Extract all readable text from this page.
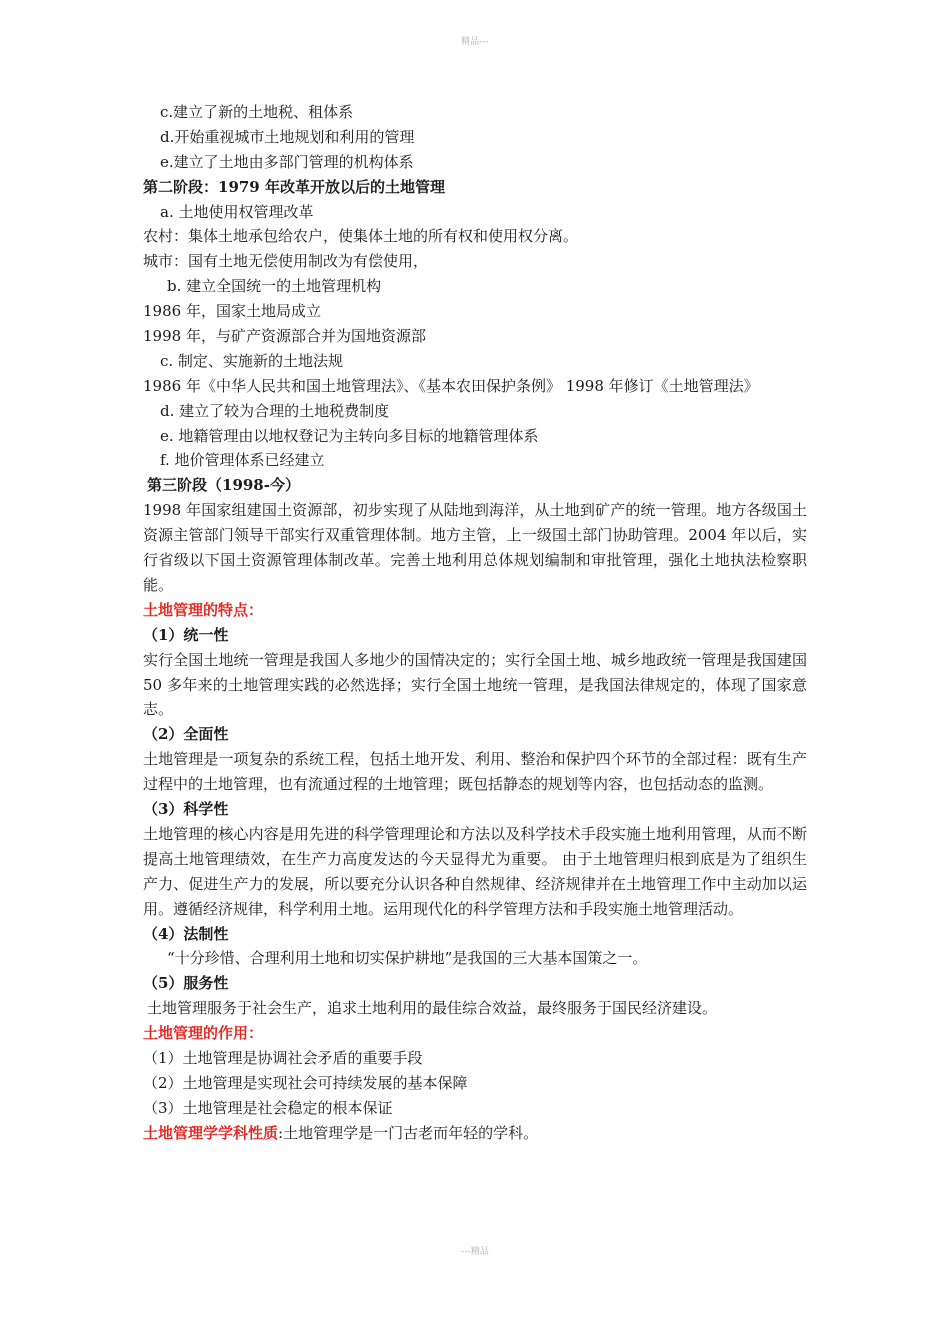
精品---
c.建立了新的土地税、租体系
d.开始重视城市土地规划和利用的管理
e.建立了土地由多部门管理的机构体系
第二阶段：1979 年改革开放以后的土地管理
a. 土地使用权管理改革
农村：集体土地承包给农户，使集体土地的所有权和使用权分离。
城市：国有土地无偿使用制改为有偿使用，
b. 建立全国统一的土地管理机构
1986 年，国家土地局成立
1998 年，与矿产资源部合并为国地资源部
c. 制定、实施新的土地法规
1986 年《中华人民共和国土地管理法》、《基本农田保护条例》 1998 年修订《土地管理法》
d. 建立了较为合理的土地税费制度
e. 地籍管理由以地权登记为主转向多目标的地籍管理体系
f. 地价管理体系已经建立
第三阶段（1998-今）
1998 年国家组建国土资源部，初步实现了从陆地到海洋，从土地到矿产的统一管理。地方各级国土资源主管部门领导干部实行双重管理体制。地方主管，上一级国土部门协助管理。2004 年以后，实行省级以下国土资源管理体制改革。完善土地利用总体规划编制和审批管理，强化土地执法检察职能。
土地管理的特点：
（1）统一性
实行全国土地统一管理是我国人多地少的国情决定的；实行全国土地、城乡地政统一管理是我国建国 50 多年来的土地管理实践的必然选择；实行全国土地统一管理，是我国法律规定的，体现了国家意志。
（2）全面性
土地管理是一项复杂的系统工程，包括土地开发、利用、整治和保护四个环节的全部过程：既有生产过程中的土地管理，也有流通过程的土地管理；既包括静态的规划等内容，也包括动态的监测。
（3）科学性
土地管理的核心内容是用先进的科学管理理论和方法以及科学技术手段实施土地利用管理，从而不断提高土地管理绩效，在生产力高度发达的今天显得尤为重要。 由于土地管理归根到底是为了组织生产力、促进生产力的发展，所以要充分认识各种自然规律、经济规律并在土地管理工作中主动加以运用。遵循经济规律，科学利用土地。运用现代化的科学管理方法和手段实施土地管理活动。
（4）法制性
“十分珍惜、合理利用土地和切实保护耕地”是我国的三大基本国策之一。
（5）服务性
土地管理服务于社会生产，追求土地利用的最佳综合效益，最终服务于国民经济建设。
土地管理的作用：
（1）土地管理是协调社会矛盾的重要手段
（2）土地管理是实现社会可持续发展的基本保障
（3）土地管理是社会稳定的根本保证
土地管理学学科性质:土地管理学是一门古老而年轻的学科。
---精品
